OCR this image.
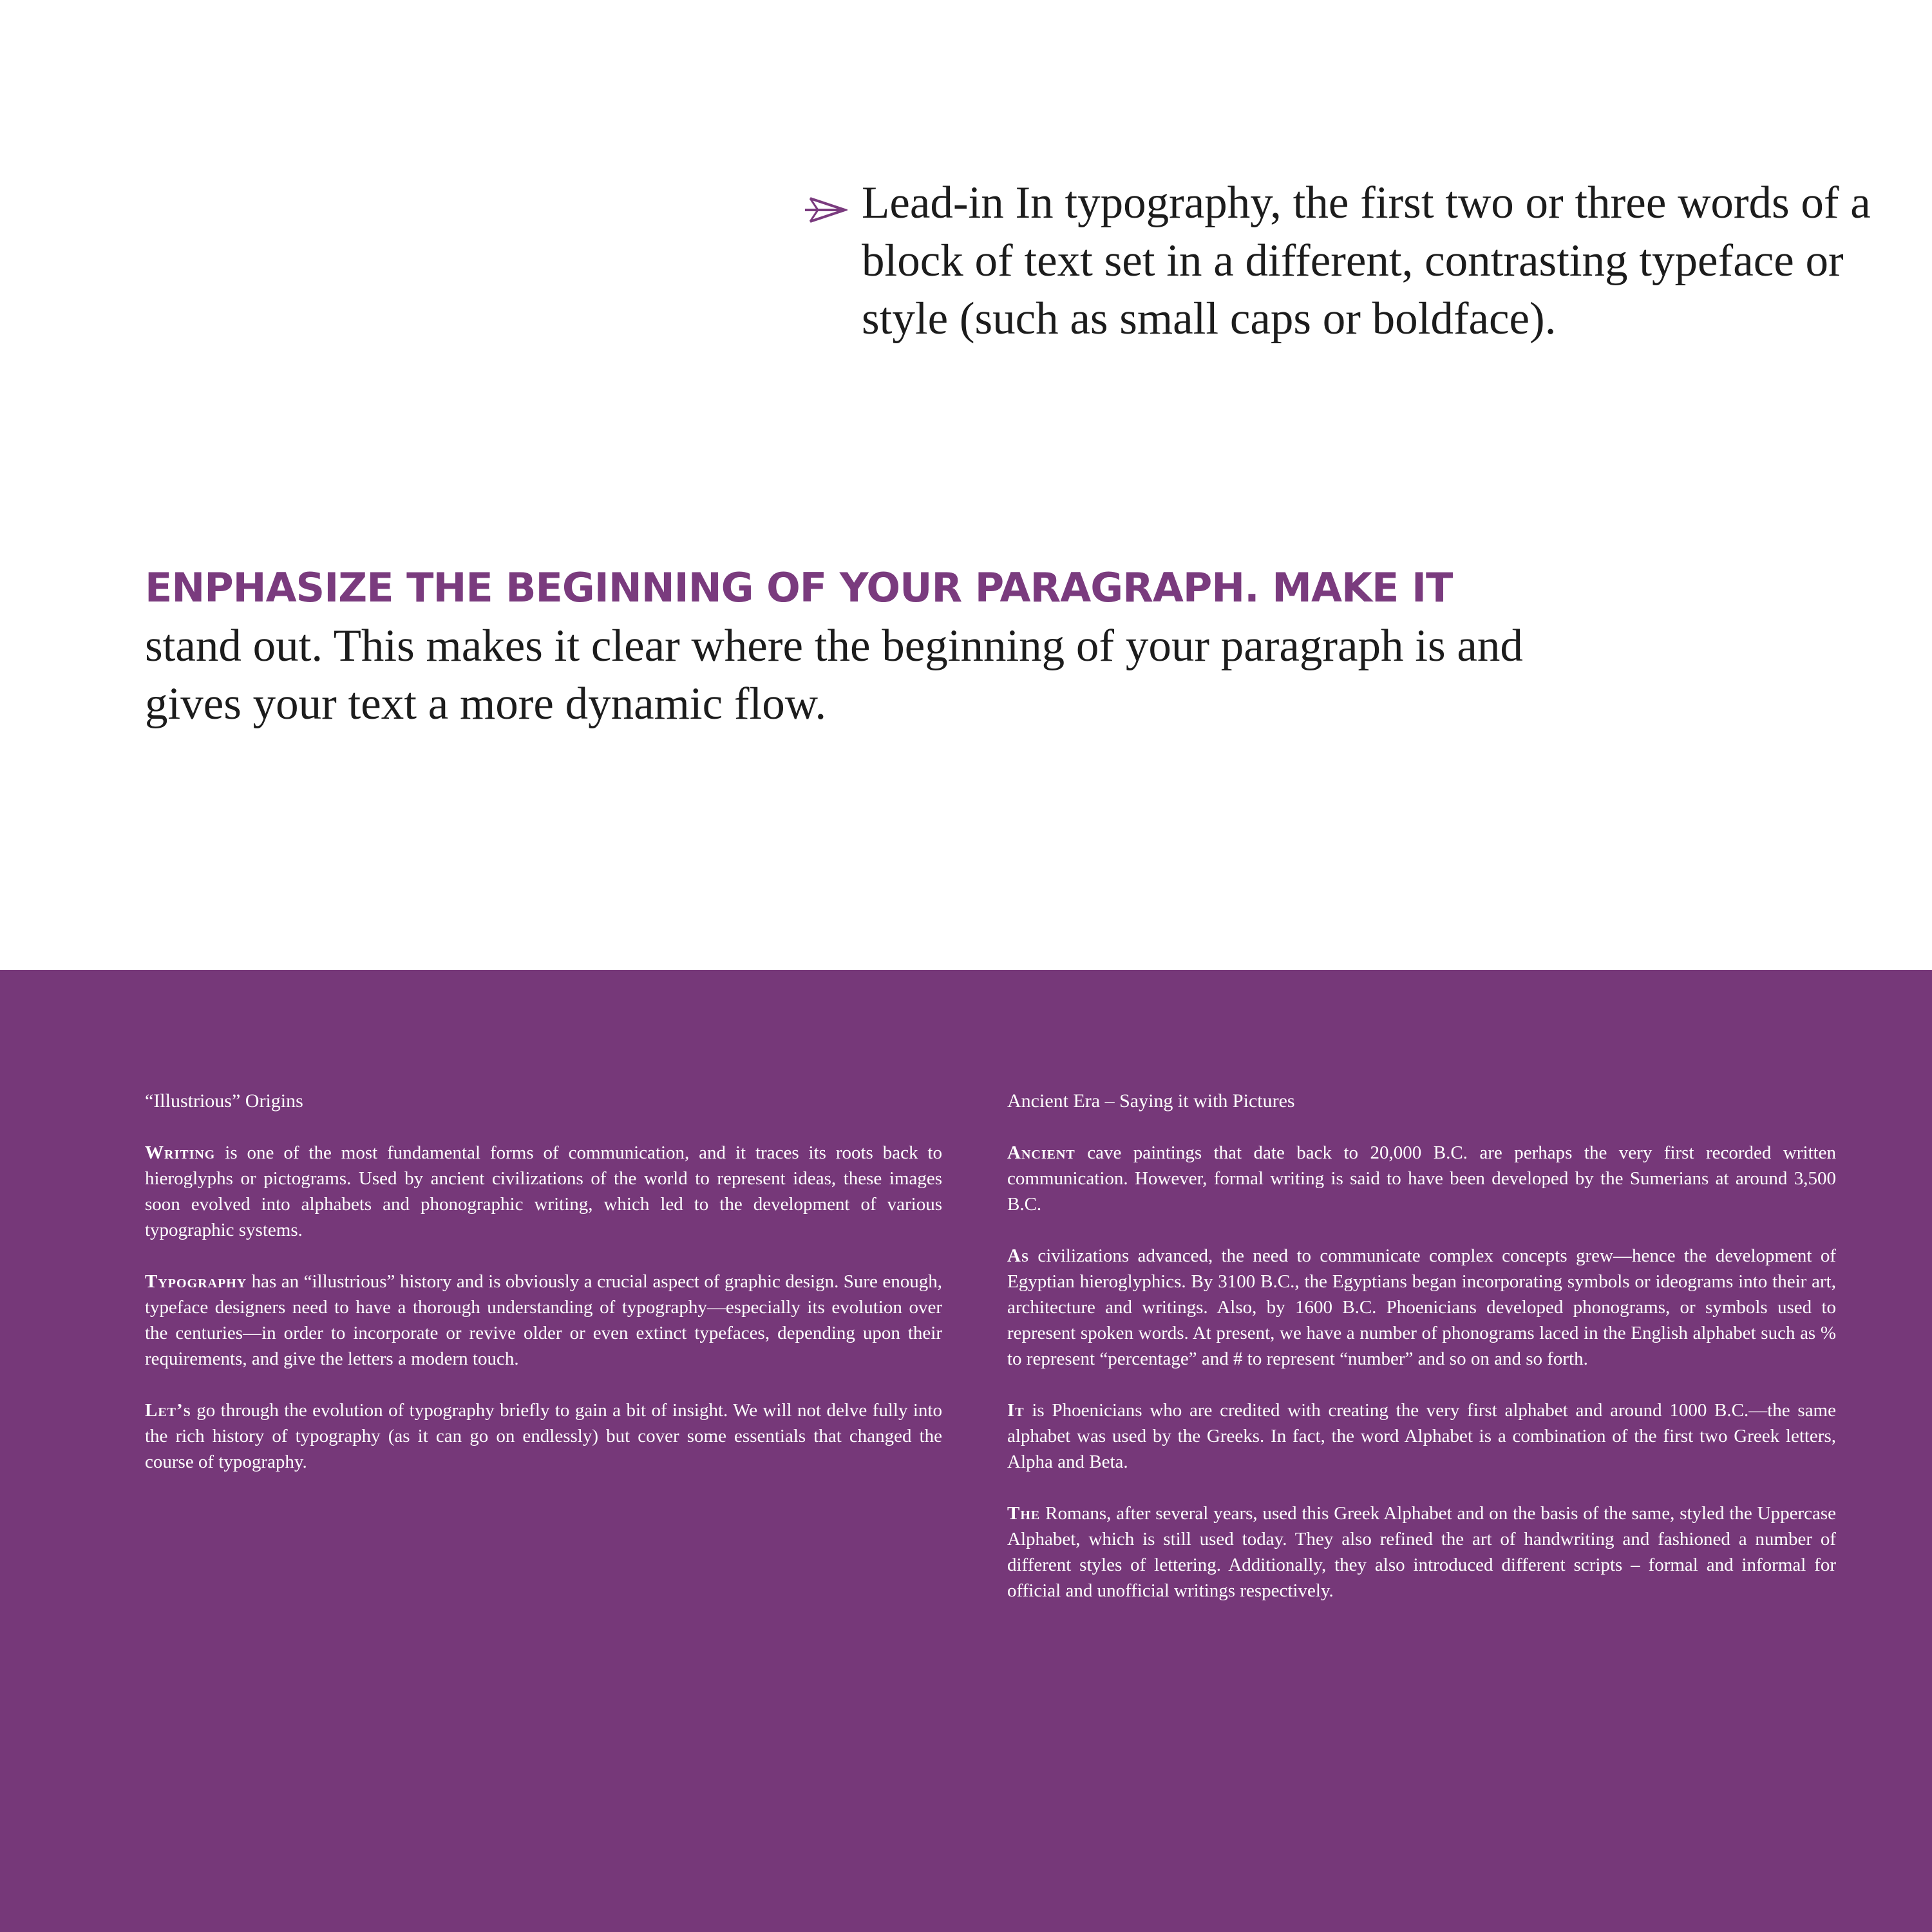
Lead-in In typography, the first two or three words of a block of text set in a different, contrasting typeface or style (such as small caps or boldface).
ENPHASIZE THE BEGINNING OF YOUR PARAGRAPH. MAKE IT
stand out. This makes it clear where the beginning of your paragraph is and gives your text a more dynamic flow.
“Illustrious” Origins

Writing is one of the most fundamental forms of communication, and it traces its roots back to hieroglyphs or pictograms. Used by ancient civilizations of the world to represent ideas, these images soon evolved into alphabets and phonographic writing, which led to the development of various typographic systems.

Typography has an “illustrious” history and is obviously a crucial aspect of graphic design. Sure enough, typeface designers need to have a thorough understanding of typography—especially its evolution over the centuries—in order to incorporate or revive older or even extinct typefaces, depending upon their requirements, and give the letters a modern touch.

Let’s go through the evolution of typography briefly to gain a bit of insight. We will not delve fully into the rich history of typography (as it can go on endlessly) but cover some essentials that changed the course of typography.

Ancient Era – Saying it with Pictures

Ancient cave paintings that date back to 20,000 B.C. are perhaps the very first recorded written communication. However, formal writing is said to have been developed by the Sumerians at around 3,500 B.C.

As civilizations advanced, the need to communicate complex concepts grew—hence the development of Egyptian hieroglyphics. By 3100 B.C., the Egyptians began incorporating symbols or ideograms into their art, architecture and writings. Also, by 1600 B.C. Phoenicians developed phonograms, or symbols used to represent spoken words. At present, we have a number of phonograms laced in the English alphabet such as % to represent “percentage” and # to represent “number” and so on and so forth.

It is Phoenicians who are credited with creating the very first alphabet and around 1000 B.C.—the same alphabet was used by the Greeks. In fact, the word Alphabet is a combination of the first two Greek letters, Alpha and Beta.

The Romans, after several years, used this Greek Alphabet and on the basis of the same, styled the Uppercase Alphabet, which is still used today. They also refined the art of handwriting and fashioned a number of different styles of lettering. Additionally, they also introduced different scripts – formal and informal for official and unofficial writings respectively.
